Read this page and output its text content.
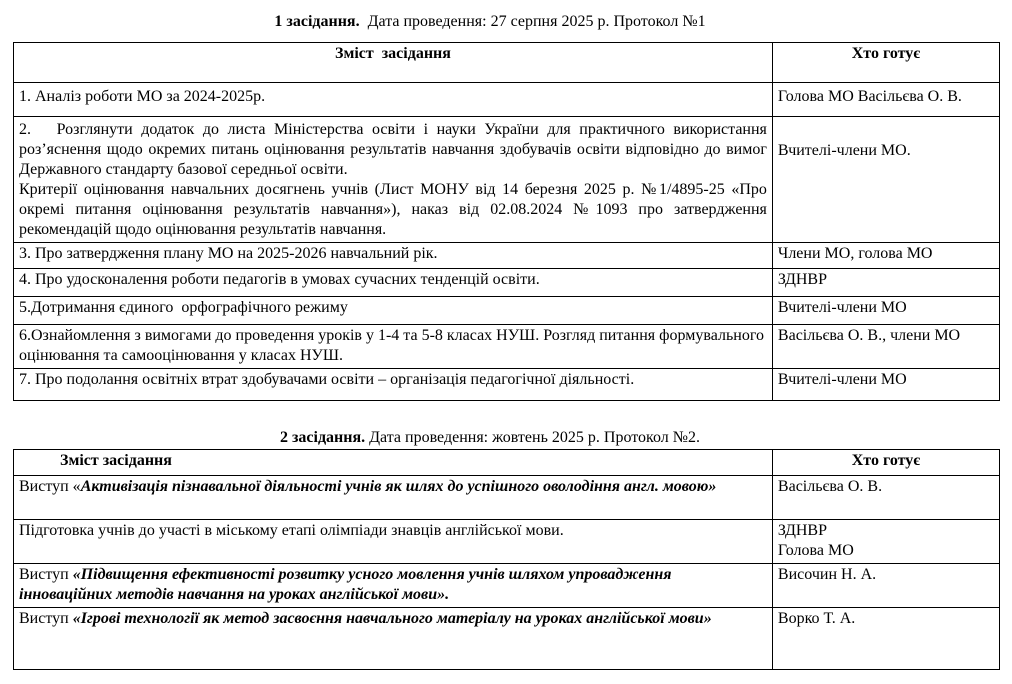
1 засідання.  Дата проведення: 27 серпня 2025 р. Протокол №1
Зміст  засідання	Хто готує
1. Аналіз роботи МО за 2024-2025р.	Голова МО Васільєва О. В.

2.   Розглянути додаток до листа Міністерства освіти і науки України для практичного використання роз’яснення щодо окремих питань оцінювання результатів навчання здобувачів освіти відповідно до вимог Державного стандарту базової середньої освіти.
Критерії оцінювання навчальних досягнень учнів (Лист МОНУ від 14 березня 2025 р. №1/4895-25 «Про окремі питання оцінювання результатів навчання»), наказ від 02.08.2024 №1093 про затвердження рекомендацій щодо оцінювання результатів навчання.	Вчителі-члени МО.
3. Про затвердження плану МО на 2025-2026 навчальний рік.	Члени МО, голова МО
4. Про удосконалення роботи педагогів в умовах сучасних тенденцій освіти.	ЗДНВР
5.Дотримання єдиного  орфографічного режиму	Вчителі-члени МО
6.Ознайомлення з вимогами до проведення уроків у 1-4 та 5-8 класах НУШ. Розгляд питання формувального оцінювання та самооцінювання у класах НУШ.	Васільєва О. В., члени МО
7. Про подолання освітніх втрат здобувачами освіти – організація педагогічної діяльності.	Вчителі-члени МО
2 засідання. Дата проведення: жовтень 2025 р. Протокол №2.
Зміст засідання	Хто готує
Виступ «Активізація пізнавальної діяльності учнів як шлях до успішного оволодіння англ. мовою»	Васільєва О. В.
Підготовка учнів до участі в міському етапі олімпіади знавців англійської мови.	ЗДНВР
Голова МО

Виступ «Підвищення ефективності розвитку усного мовлення учнів шляхом упровадження інноваційних методів навчання на уроках англійської мови».	Височин Н. А.
Виступ «Ігрові технології як метод засвоєння навчального матеріалу на уроках англійської мови»	Ворко Т. А.
